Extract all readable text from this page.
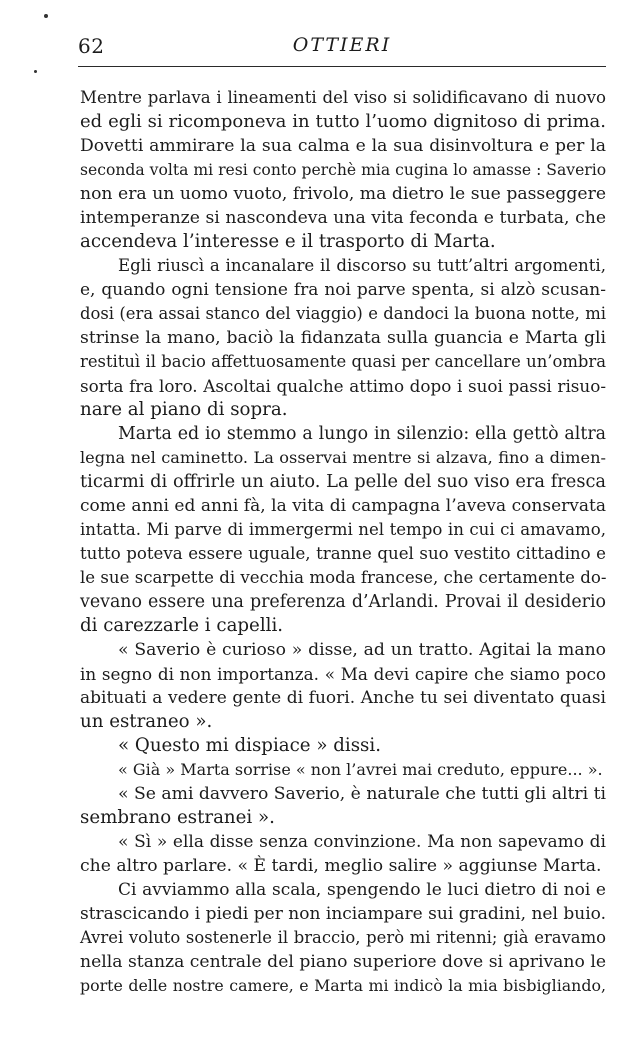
62	OTTIERI
Mentre parlava i lineamenti del viso si solidificavano di nuovo
ed egli si ricomponeva in tutto l’uomo dignitoso di prima.
Dovetti ammirare la sua calma e la sua disinvoltura e per la
seconda volta mi resi conto perchè mia cugina lo amasse : Saverio
non era un uomo vuoto, frivolo, ma dietro le sue passeggere
intemperanze si nascondeva una vita feconda e turbata, che
accendeva l’interesse e il trasporto di Marta.
Egli riuscì a incanalare il discorso su tutt’altri argomenti,
e, quando ogni tensione fra noi parve spenta, si alzò scusan-
dosi (era assai stanco del viaggio) e dandoci la buona notte, mi
strinse la mano, baciò la fidanzata sulla guancia e Marta gli
restituì il bacio affettuosamente quasi per cancellare un’ombra
sorta fra loro. Ascoltai qualche attimo dopo i suoi passi risuo-
nare al piano di sopra.
Marta ed io stemmo a lungo in silenzio: ella gettò altra
legna nel caminetto. La osservai mentre si alzava, fino a dimen-
ticarmi di offrirle un aiuto. La pelle del suo viso era fresca
come anni ed anni fà, la vita di campagna l’aveva conservata
intatta. Mi parve di immergermi nel tempo in cui ci amavamo,
tutto poteva essere uguale, tranne quel suo vestito cittadino e
le sue scarpette di vecchia moda francese, che certamente do-
vevano essere una preferenza d’Arlandi. Provai il desiderio
di carezzarle i capelli.
« Saverio è curioso » disse, ad un tratto. Agitai la mano
in segno di non importanza. « Ma devi capire che siamo poco
abituati a vedere gente di fuori. Anche tu sei diventato quasi
un estraneo ».
« Questo mi dispiace » dissi.
« Già » Marta sorrise « non l’avrei mai creduto, eppure... ».
« Se ami davvero Saverio, è naturale che tutti gli altri ti
sembrano estranei ».
« Sì » ella disse senza convinzione. Ma non sapevamo di
che altro parlare. « È tardi, meglio salire » aggiunse Marta.
Ci avviammo alla scala, spengendo le luci dietro di noi e
strascicando i piedi per non inciampare sui gradini, nel buio.
Avrei voluto sostenerle il braccio, però mi ritenni; già eravamo
nella stanza centrale del piano superiore dove si aprivano le
porte delle nostre camere, e Marta mi indicò la mia bisbigliando,
